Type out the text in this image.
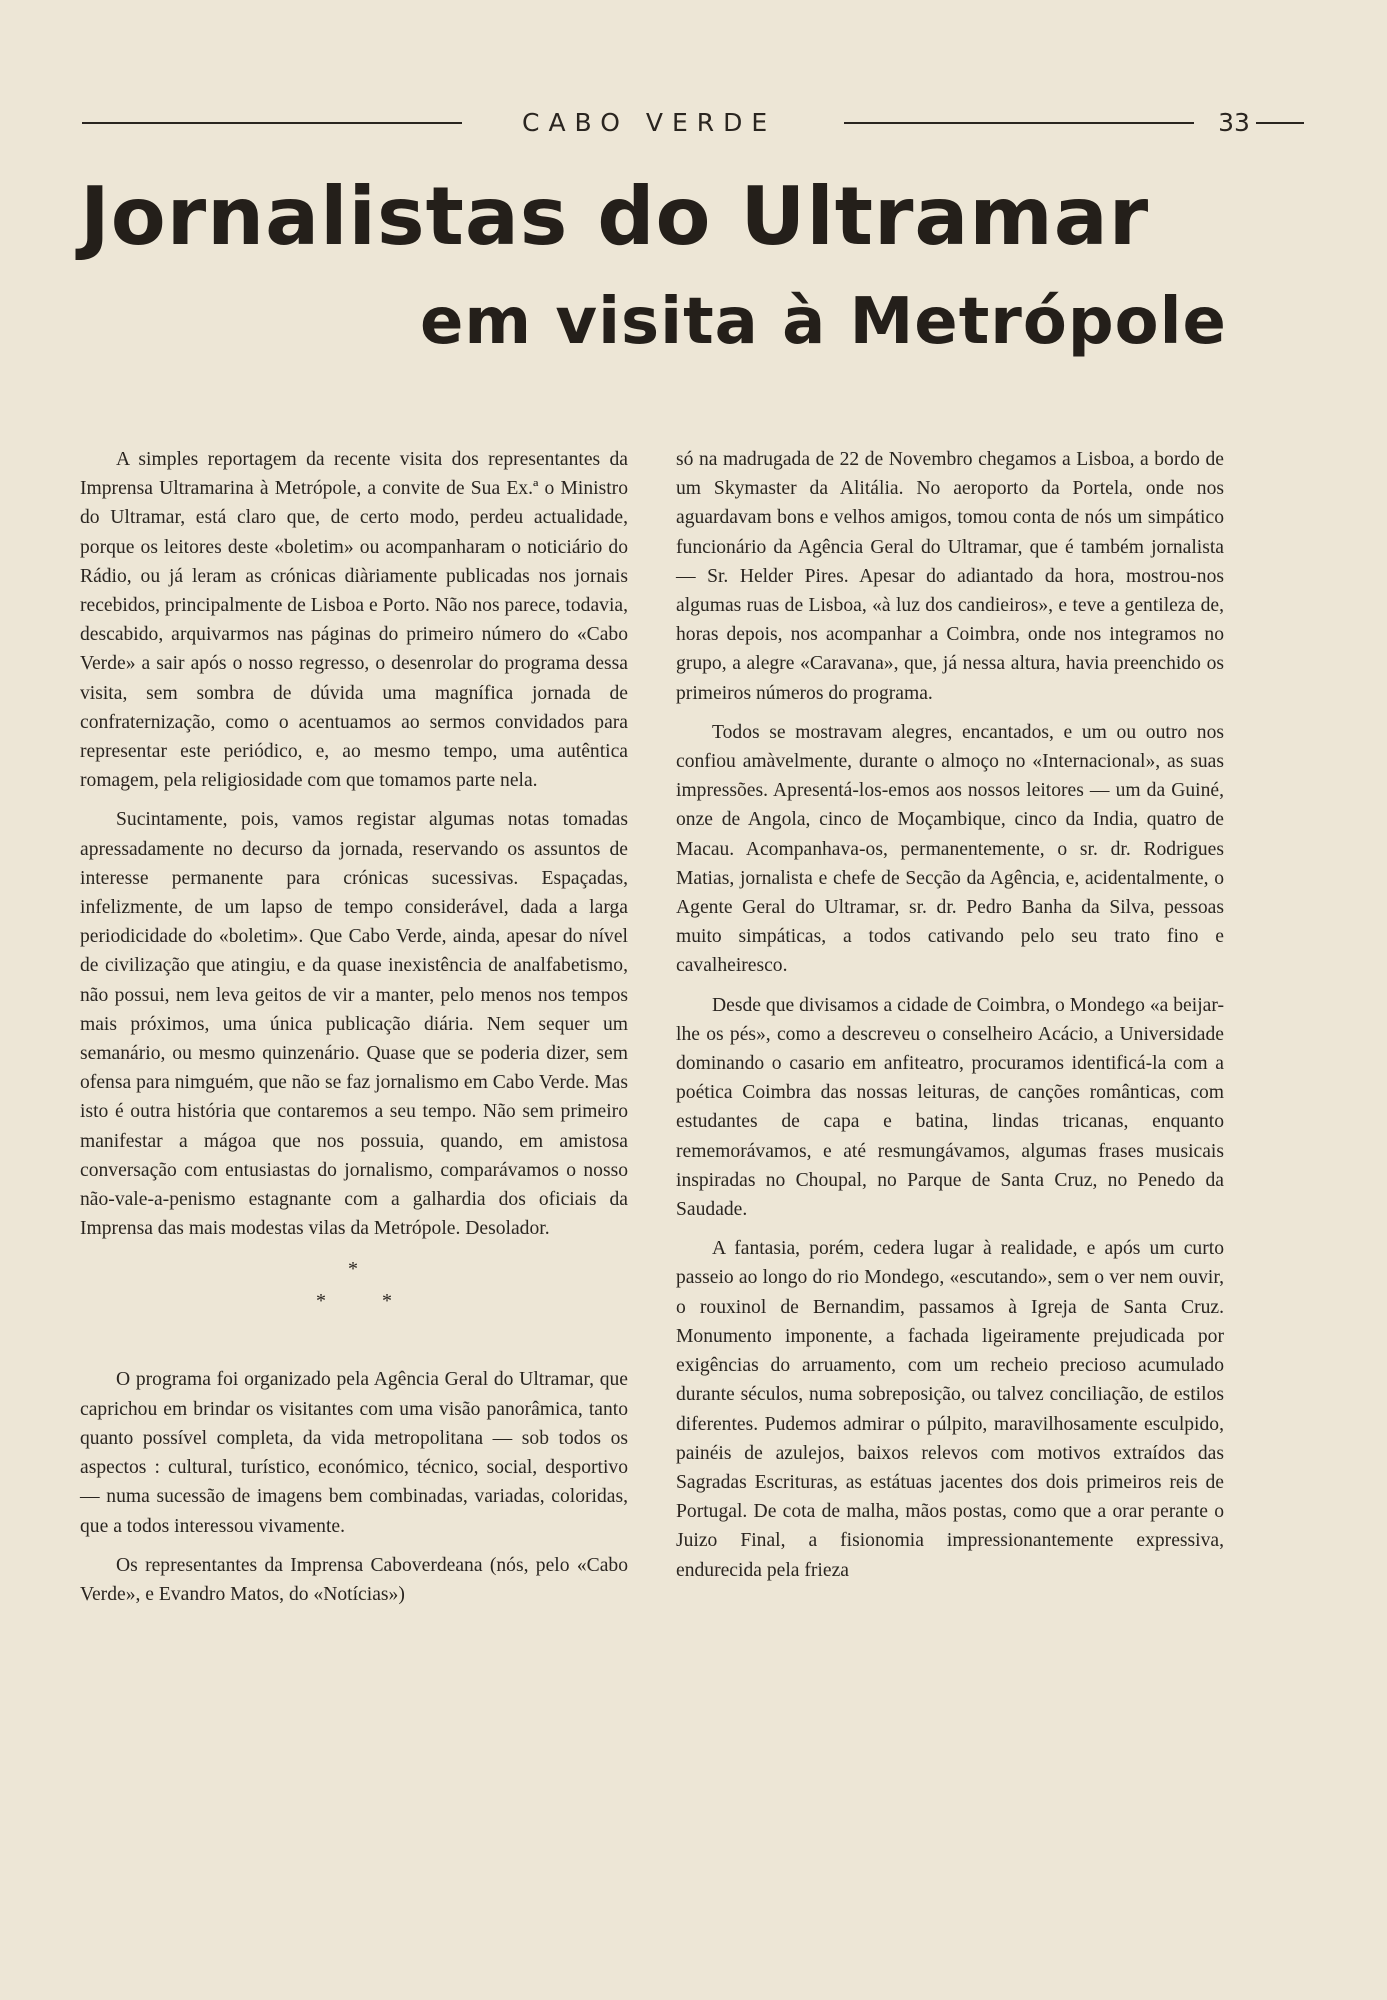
CABO VERDE	33
Jornalistas do Ultramar
em visita à Metrópole

A simples reportagem da recente visita dos representantes da Imprensa Ultramarina à Metrópole, a convite de Sua Ex.ª o Ministro do Ultramar, está claro que, de certo modo, perdeu actualidade, porque os leitores deste «boletim» ou acompanharam o noticiário do Rádio, ou já leram as crónicas diàriamente publicadas nos jornais recebidos, principalmente de Lisboa e Porto. Não nos parece, todavia, descabido, arquivarmos nas páginas do primeiro número do «Cabo Verde» a sair após o nosso regresso, o desenrolar do programa dessa visita, sem sombra de dúvida uma magnífica jornada de confraternização, como o acentuamos ao sermos convidados para representar este periódico, e, ao mesmo tempo, uma autêntica romagem, pela religiosidade com que tomamos parte nela.

Sucintamente, pois, vamos registar algumas notas tomadas apressadamente no decurso da jornada, reservando os assuntos de interesse permanente para crónicas sucessivas. Espaçadas, infelizmente, de um lapso de tempo considerável, dada a larga periodicidade do «boletim». Que Cabo Verde, ainda, apesar do nível de civilização que atingiu, e da quase inexistência de analfabetismo, não possui, nem leva geitos de vir a manter, pelo menos nos tempos mais próximos, uma única publicação diária. Nem sequer um semanário, ou mesmo quinzenário. Quase que se poderia dizer, sem ofensa para nimguém, que não se faz jornalismo em Cabo Verde. Mas isto é outra história que contaremos a seu tempo. Não sem primeiro manifestar a mágoa que nos possuia, quando, em amistosa conversação com entusiastas do jornalismo, comparávamos o nosso não-vale-a-penismo estagnante com a galhardia dos oficiais da Imprensa das mais modestas vilas da Metrópole. Desolador.

*
*	*

O programa foi organizado pela Agência Geral do Ultramar, que caprichou em brindar os visitantes com uma visão panorâmica, tanto quanto possível completa, da vida metropolitana — sob todos os aspectos : cultural, turístico, económico, técnico, social, desportivo — numa sucessão de imagens bem combinadas, variadas, coloridas, que a todos interessou vivamente.

Os representantes da Imprensa Caboverdeana (nós, pelo «Cabo Verde», e Evandro Matos, do «Notícias»)

só na madrugada de 22 de Novembro chegamos a Lisboa, a bordo de um Skymaster da Alitália. No aeroporto da Portela, onde nos aguardavam bons e velhos amigos, tomou conta de nós um simpático funcionário da Agência Geral do Ultramar, que é também jornalista — Sr. Helder Pires. Apesar do adiantado da hora, mostrou-nos algumas ruas de Lisboa, «à luz dos candieiros», e teve a gentileza de, horas depois, nos acompanhar a Coimbra, onde nos integramos no grupo, a alegre «Caravana», que, já nessa altura, havia preenchido os primeiros números do programa.

Todos se mostravam alegres, encantados, e um ou outro nos confiou amàvelmente, durante o almoço no «Internacional», as suas impressões. Apresentá-los-emos aos nossos leitores — um da Guiné, onze de Angola, cinco de Moçambique, cinco da India, quatro de Macau. Acompanhava-os, permanentemente, o sr. dr. Rodrigues Matias, jornalista e chefe de Secção da Agência, e, acidentalmente, o Agente Geral do Ultramar, sr. dr. Pedro Banha da Silva, pessoas muito simpáticas, a todos cativando pelo seu trato fino e cavalheiresco.

Desde que divisamos a cidade de Coimbra, o Mondego «a beijar-lhe os pés», como a descreveu o conselheiro Acácio, a Universidade dominando o casario em anfiteatro, procuramos identificá-la com a poética Coimbra das nossas leituras, de canções românticas, com estudantes de capa e batina, lindas tricanas, enquanto rememorávamos, e até resmungávamos, algumas frases musicais inspiradas no Choupal, no Parque de Santa Cruz, no Penedo da Saudade.

A fantasia, porém, cedera lugar à realidade, e após um curto passeio ao longo do rio Mondego, «escutando», sem o ver nem ouvir, o rouxinol de Bernandim, passamos à Igreja de Santa Cruz. Monumento imponente, a fachada ligeiramente prejudicada por exigências do arruamento, com um recheio precioso acumulado durante séculos, numa sobreposição, ou talvez conciliação, de estilos diferentes. Pudemos admirar o púlpito, maravilhosamente esculpido, painéis de azulejos, baixos relevos com motivos extraídos das Sagradas Escrituras, as estátuas jacentes dos dois primeiros reis de Portugal. De cota de malha, mãos postas, como que a orar perante o Juizo Final, a fisionomia impressionantemente expressiva, endurecida pela frieza
